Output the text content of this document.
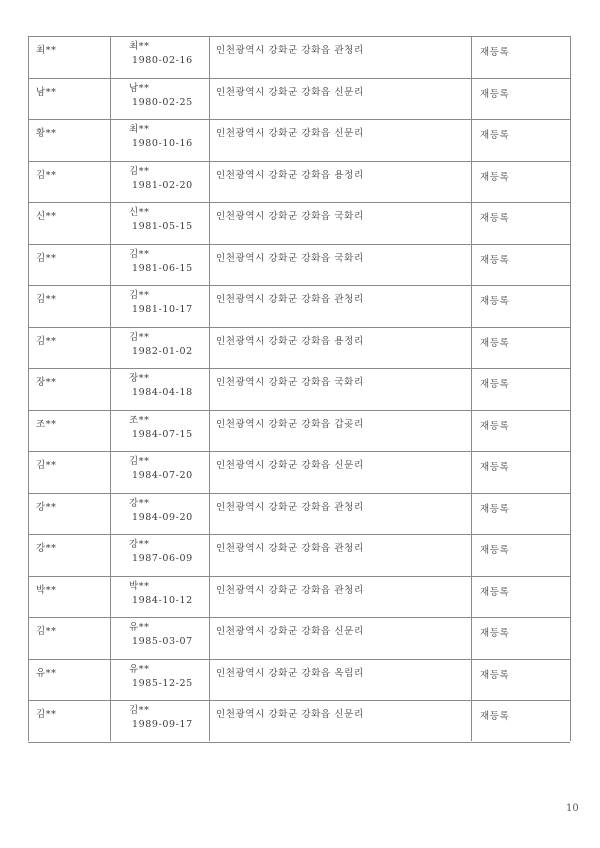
최**	최**
1980-02-16
인천광역시 강화군 강화읍 관청리	재등록
남**	남**
1980-02-25
인천광역시 강화군 강화읍 신문리	재등록
황**	최**
1980-10-16
인천광역시 강화군 강화읍 신문리	재등록
김**	김**
1981-02-20
인천광역시 강화군 강화읍 용정리	재등록
신**	신**
1981-05-15
인천광역시 강화군 강화읍 국화리	재등록
김**	김**
1981-06-15
인천광역시 강화군 강화읍 국화리	재등록
김**	김**
1981-10-17
인천광역시 강화군 강화읍 관청리	재등록
김**	김**
1982-01-02
인천광역시 강화군 강화읍 용정리	재등록
장**	장**
1984-04-18
인천광역시 강화군 강화읍 국화리	재등록
조**	조**
1984-07-15
인천광역시 강화군 강화읍 갑곶리	재등록
김**	김**
1984-07-20
인천광역시 강화군 강화읍 신문리	재등록
강**	강**
1984-09-20
인천광역시 강화군 강화읍 관청리	재등록
강**	강**
1987-06-09
인천광역시 강화군 강화읍 관청리	재등록
박**	박**
1984-10-12
인천광역시 강화군 강화읍 관청리	재등록
김**	유**
1985-03-07
인천광역시 강화군 강화읍 신문리	재등록
유**	유**
1985-12-25
인천광역시 강화군 강화읍 옥림리	재등록
김**	김**
1989-09-17
인천광역시 강화군 강화읍 신문리	재등록
10
